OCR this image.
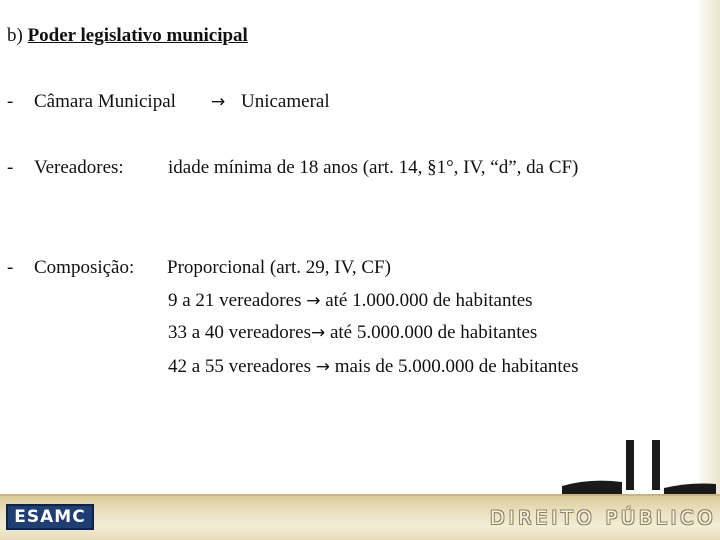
b) Poder legislativo municipal
- Câmara Municipal → Unicameral
- Vereadores: idade mínima de 18 anos (art. 14, §1°, IV, “d”, da CF)
- Composição: Proporcional (art. 29, IV, CF)
9 a 21 vereadores → até 1.000.000 de habitantes
33 a 40 vereadores→ até 5.000.000 de habitantes
42 a 55 vereadores → mais de 5.000.000 de habitantes
ESAMC	DIREITO PÚBLICO
